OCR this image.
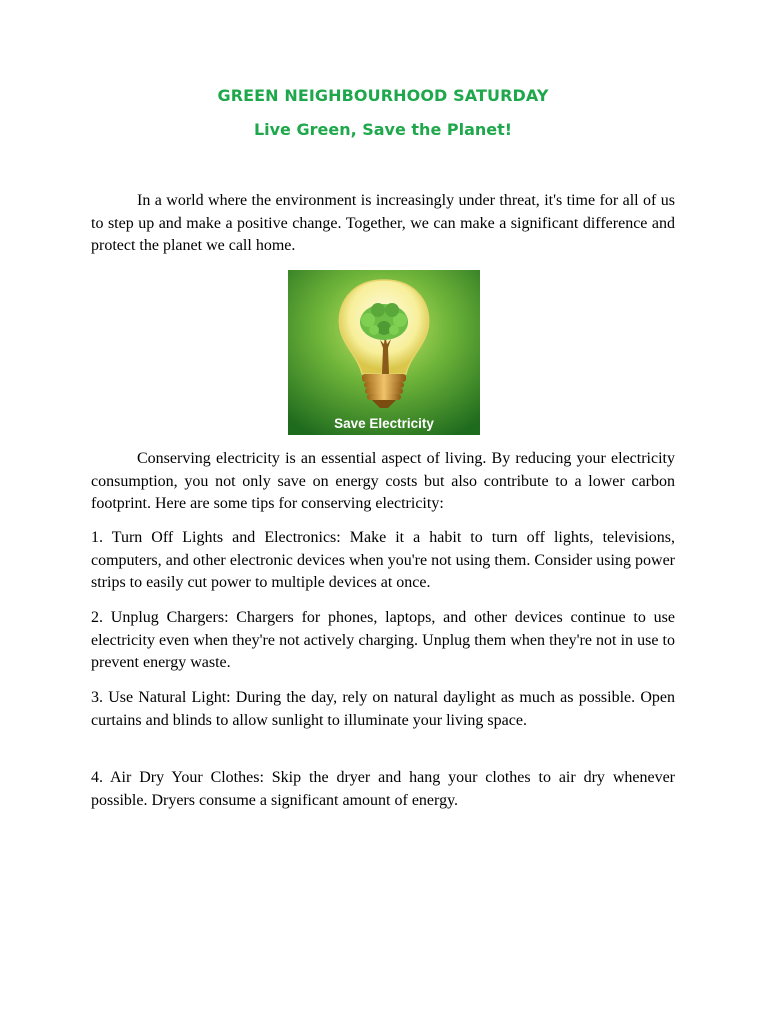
GREEN NEIGHBOURHOOD SATURDAY
Live Green, Save the Planet!

In a world where the environment is increasingly under threat, it's time for all of us to step up and make a positive change. Together, we can make a significant difference and protect the planet we call home.

Save Electricity

Conserving electricity is an essential aspect of living. By reducing your electricity consumption, you not only save on energy costs but also contribute to a lower carbon footprint. Here are some tips for conserving electricity:

1. Turn Off Lights and Electronics: Make it a habit to turn off lights, televisions, computers, and other electronic devices when you're not using them. Consider using power strips to easily cut power to multiple devices at once.

2. Unplug Chargers: Chargers for phones, laptops, and other devices continue to use electricity even when they're not actively charging. Unplug them when they're not in use to prevent energy waste.

3. Use Natural Light: During the day, rely on natural daylight as much as possible. Open curtains and blinds to allow sunlight to illuminate your living space.

4. Air Dry Your Clothes: Skip the dryer and hang your clothes to air dry whenever possible. Dryers consume a significant amount of energy.
